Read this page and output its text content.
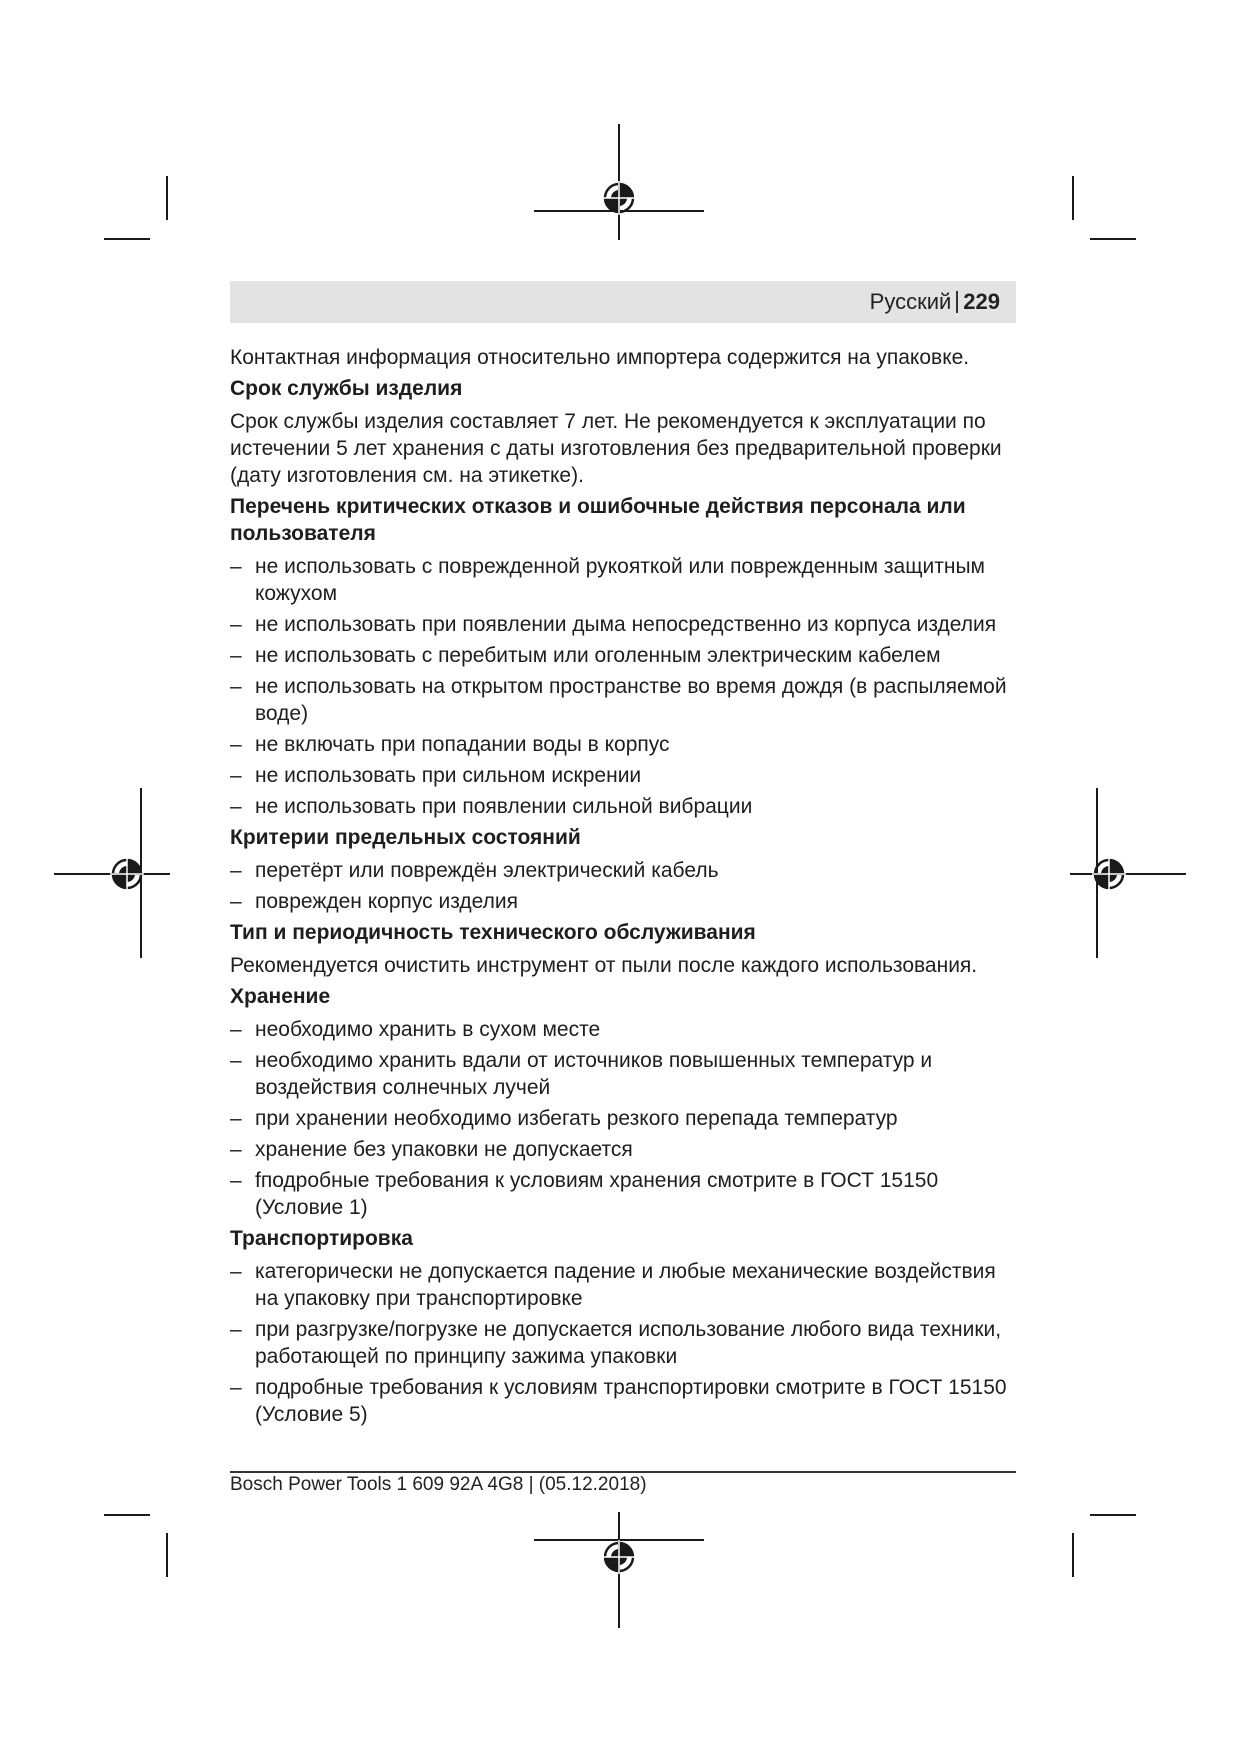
Русский 229

Контактная информация относительно импортера содержится на упаковке.

Срок службы изделия

Срок службы изделия составляет 7 лет. Не рекомендуется к эксплуатации по истечении 5 лет хранения с даты изготовления без предварительной проверки (дату изготовления см. на этикетке).

Перечень критических отказов и ошибочные действия персонала или пользователя
– не использовать с поврежденной рукояткой или поврежденным защитным кожухом
– не использовать при появлении дыма непосредственно из корпуса изделия
– не использовать с перебитым или оголенным электрическим кабелем
– не использовать на открытом пространстве во время дождя (в распыляемой воде)
– не включать при попадании воды в корпус
– не использовать при сильном искрении
– не использовать при появлении сильной вибрации
Критерии предельных состояний
– перетёрт или повреждён электрический кабель
– поврежден корпус изделия
Тип и периодичность технического обслуживания

Рекомендуется очистить инструмент от пыли после каждого использования.

Хранение
– необходимо хранить в сухом месте
– необходимо хранить вдали от источников повышенных температур и воздействия солнечных лучей
– при хранении необходимо избегать резкого перепада температур
– хранение без упаковки не допускается
– fподробные требования к условиям хранения смотрите в ГОСТ 15150 (Условие 1)
Транспортировка
– категорически не допускается падение и любые механические воздействия на упаковку при транспортировке
– при разгрузке/погрузке не допускается использование любого вида техники, работающей по принципу зажима упаковки
– подробные требования к условиям транспортировки смотрите в ГОСТ 15150 (Условие 5)
Bosch Power Tools 1 609 92A 4G8 | (05.12.2018)
